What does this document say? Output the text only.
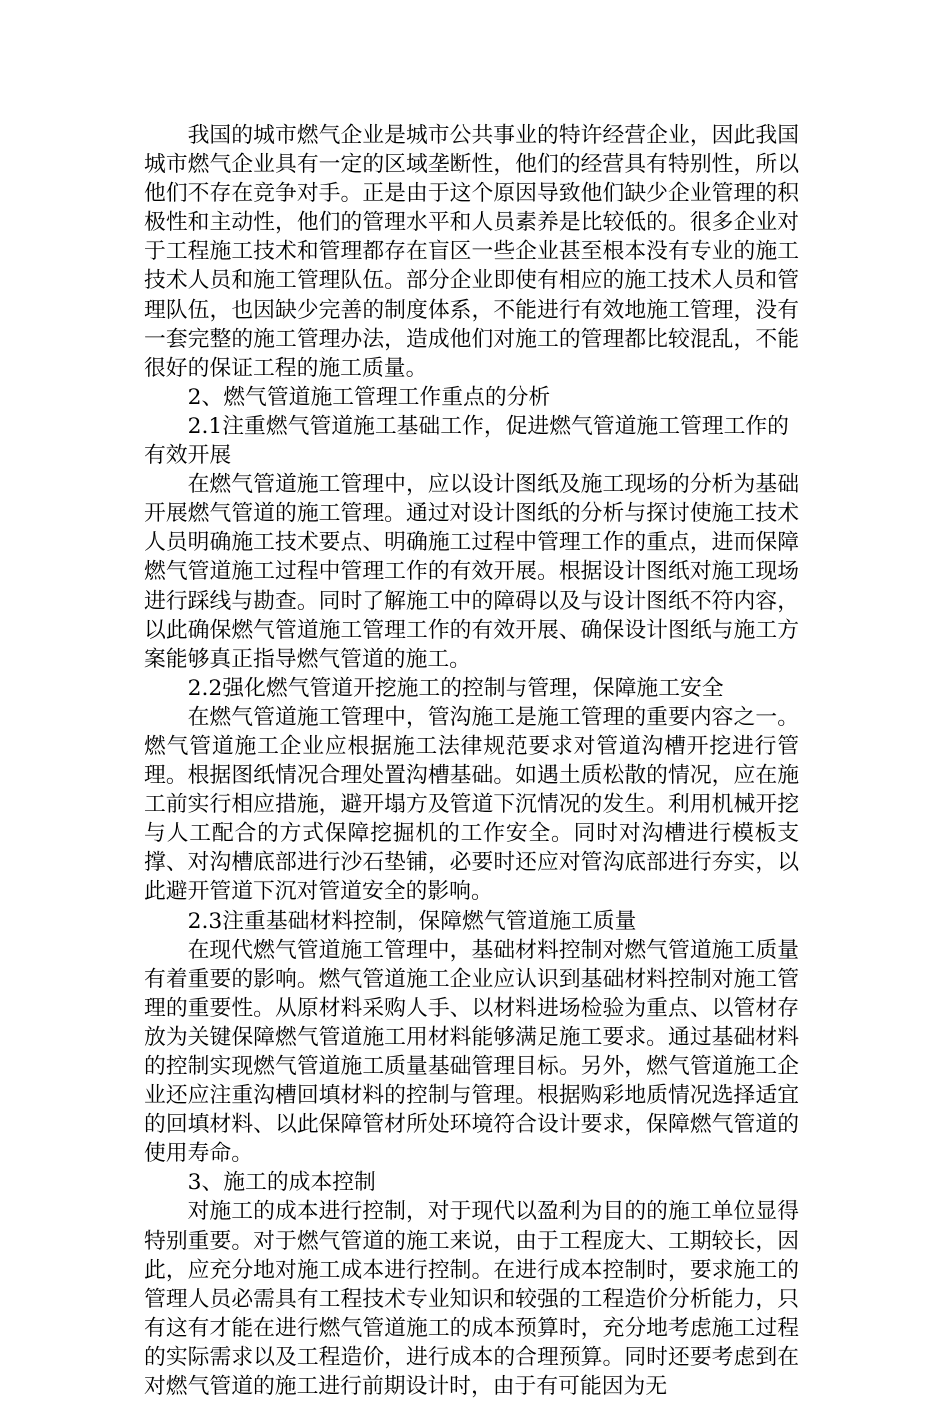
我国的城市燃气企业是城市公共事业的特许经营企业，因此我国城市燃气企业具有一定的区域垄断性，他们的经营具有特别性，所以他们不存在竞争对手。正是由于这个原因导致他们缺少企业管理的积极性和主动性，他们的管理水平和人员素养是比较低的。很多企业对于工程施工技术和管理都存在盲区一些企业甚至根本没有专业的施工技术人员和施工管理队伍。部分企业即使有相应的施工技术人员和管理队伍，也因缺少完善的制度体系，不能进行有效地施工管理，没有一套完整的施工管理办法，造成他们对施工的管理都比较混乱，不能很好的保证工程的施工质量。

2、燃气管道施工管理工作重点的分析

2.1注重燃气管道施工基础工作，促进燃气管道施工管理工作的有效开展

在燃气管道施工管理中，应以设计图纸及施工现场的分析为基础开展燃气管道的施工管理。通过对设计图纸的分析与探讨使施工技术人员明确施工技术要点、明确施工过程中管理工作的重点，进而保障燃气管道施工过程中管理工作的有效开展。根据设计图纸对施工现场进行踩线与勘查。同时了解施工中的障碍以及与设计图纸不符内容，以此确保燃气管道施工管理工作的有效开展、确保设计图纸与施工方案能够真正指导燃气管道的施工。

2.2强化燃气管道开挖施工的控制与管理，保障施工安全

在燃气管道施工管理中，管沟施工是施工管理的重要内容之一。燃气管道施工企业应根据施工法律规范要求对管道沟槽开挖进行管理。根据图纸情况合理处置沟槽基础。如遇土质松散的情况，应在施工前实行相应措施，避开塌方及管道下沉情况的发生。利用机械开挖与人工配合的方式保障挖掘机的工作安全。同时对沟槽进行模板支撑、对沟槽底部进行沙石垫铺，必要时还应对管沟底部进行夯实，以此避开管道下沉对管道安全的影响。

2.3注重基础材料控制，保障燃气管道施工质量

在现代燃气管道施工管理中，基础材料控制对燃气管道施工质量有着重要的影响。燃气管道施工企业应认识到基础材料控制对施工管理的重要性。从原材料采购人手、以材料进场检验为重点、以管材存放为关键保障燃气管道施工用材料能够满足施工要求。通过基础材料的控制实现燃气管道施工质量基础管理目标。另外，燃气管道施工企业还应注重沟槽回填材料的控制与管理。根据购彩地质情况选择适宜的回填材料、以此保障管材所处环境符合设计要求，保障燃气管道的使用寿命。

3、施工的成本控制

对施工的成本进行控制，对于现代以盈利为目的的施工单位显得特别重要。对于燃气管道的施工来说，由于工程庞大、工期较长，因此，应充分地对施工成本进行控制。在进行成本控制时，要求施工的管理人员必需具有工程技术专业知识和较强的工程造价分析能力，只有这有才能在进行燃气管道施工的成本预算时，充分地考虑施工过程的实际需求以及工程造价，进行成本的合理预算。同时还要考虑到在对燃气管道的施工进行前期设计时，由于有可能因为无
